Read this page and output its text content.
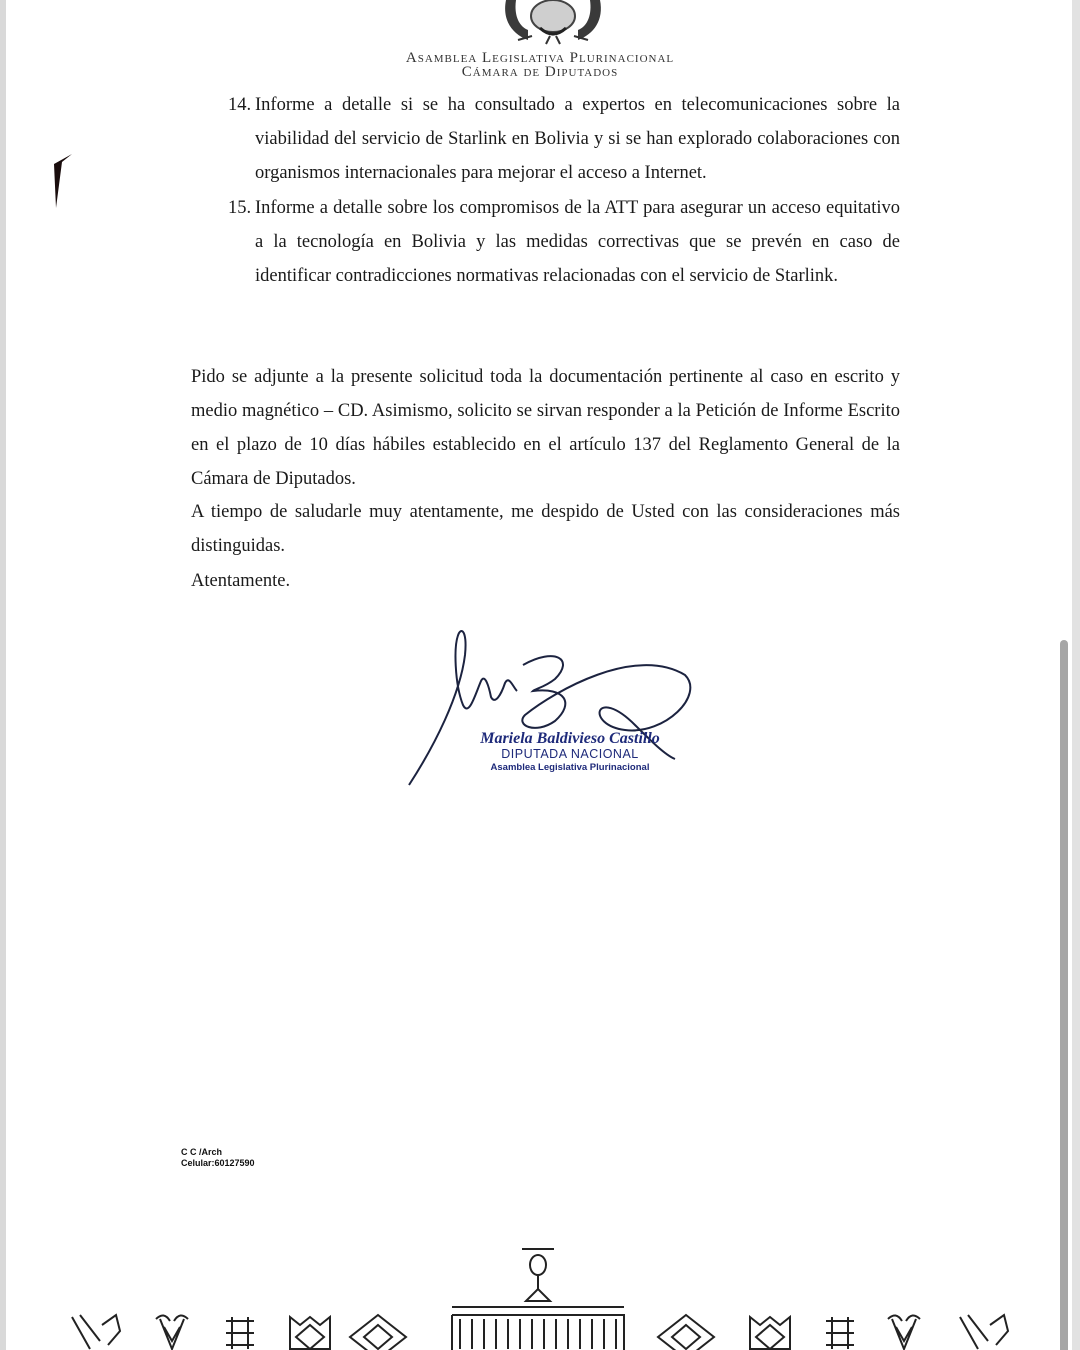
Asamblea Legislativa Plurinacional
Cámara de Diputados
14. Informe a detalle si se ha consultado a expertos en telecomunicaciones sobre la viabilidad del servicio de Starlink en Bolivia y si se han explorado colaboraciones con organismos internacionales para mejorar el acceso a Internet.
15. Informe a detalle sobre los compromisos de la ATT para asegurar un acceso equitativo a la tecnología en Bolivia y las medidas correctivas que se prevén en caso de identificar contradicciones normativas relacionadas con el servicio de Starlink.
Pido se adjunte a la presente solicitud toda la documentación pertinente al caso en escrito y medio magnético – CD. Asimismo, solicito se sirvan responder a la Petición de Informe Escrito en el plazo de 10 días hábiles establecido en el artículo 137 del Reglamento General de la Cámara de Diputados.
A tiempo de saludarle muy atentamente, me despido de Usted con las consideraciones más distinguidas.
Atentamente.
Mariela Baldivieso Castillo
DIPUTADA NACIONAL
Asamblea Legislativa Plurinacional
C C /Arch
Celular:60127590
